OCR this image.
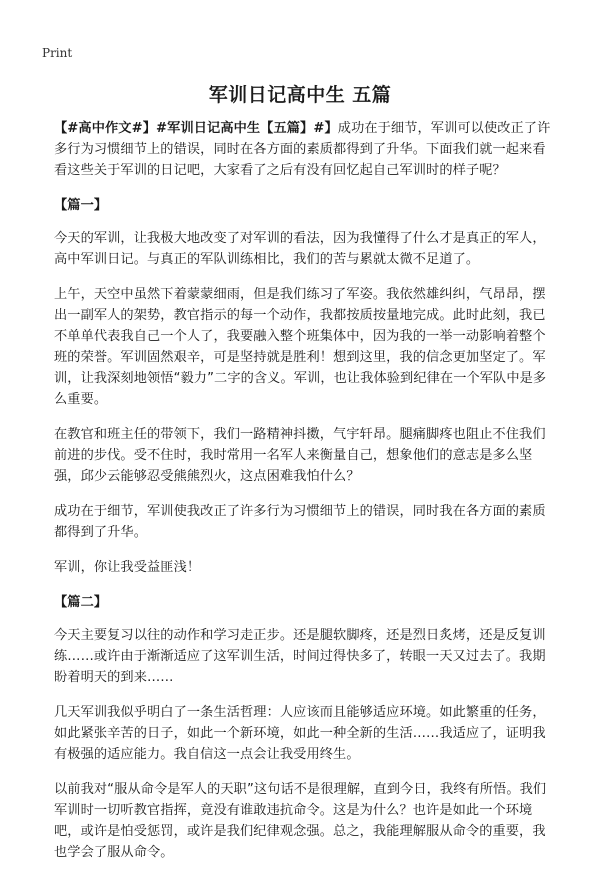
Print
军训日记高中生 五篇

【#高中作文#】#军训日记高中生【五篇】#】成功在于细节，军训可以使改正了许多行为习惯细节上的错误，同时在各方面的素质都得到了升华。下面我们就一起来看看这些关于军训的日记吧，大家看了之后有没有回忆起自己军训时的样子呢？

【篇一】

今天的军训，让我极大地改变了对军训的看法，因为我懂得了什么才是真正的军人，高中军训日记。与真正的军队训练相比，我们的苦与累就太微不足道了。

上午，天空中虽然下着蒙蒙细雨，但是我们练习了军姿。我依然雄纠纠，气昂昂，摆出一副军人的架势，教官指示的每一个动作，我都按质按量地完成。此时此刻，我已不单单代表我自己一个人了，我要融入整个班集体中，因为我的一举一动影响着整个班的荣誉。军训固然艰辛，可是坚持就是胜利！想到这里，我的信念更加坚定了。军训，让我深刻地领悟“毅力”二字的含义。军训，也让我体验到纪律在一个军队中是多么重要。

在教官和班主任的带领下，我们一路精神抖擞，气宇轩昂。腿痛脚疼也阻止不住我们前进的步伐。受不住时，我时常用一名军人来衡量自己，想象他们的意志是多么坚强，邱少云能够忍受熊熊烈火，这点困难我怕什么？

成功在于细节，军训使我改正了许多行为习惯细节上的错误，同时我在各方面的素质都得到了升华。

军训，你让我受益匪浅！

【篇二】

今天主要复习以往的动作和学习走正步。还是腿软脚疼，还是烈日炙烤，还是反复训练……或许由于渐渐适应了这军训生活，时间过得快多了，转眼一天又过去了。我期盼着明天的到来……

几天军训我似乎明白了一条生活哲理：人应该而且能够适应环境。如此繁重的任务，如此紧张辛苦的日子，如此一个新环境，如此一种全新的生活……我适应了，证明我有极强的适应能力。我自信这一点会让我受用终生。

以前我对“服从命令是军人的天职”这句话不是很理解，直到今日，我终有所悟。我们军训时一切听教官指挥，竟没有谁敢违抗命令。这是为什么？也许是如此一个环境吧，或许是怕受惩罚，或许是我们纪律观念强。总之，我能理解服从命令的重要，我也学会了服从命令。
